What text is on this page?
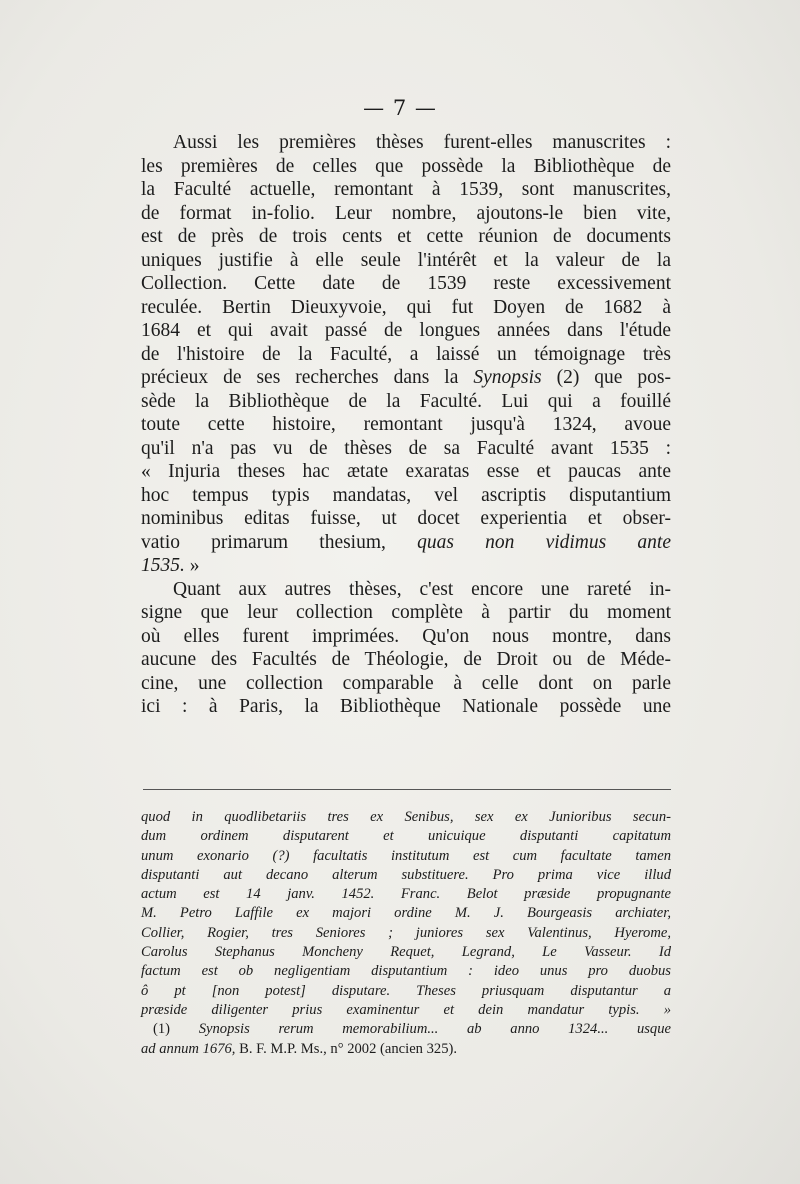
— 7 —
Aussi les premières thèses furent-elles manuscrites :
les premières de celles que possède la Bibliothèque de
la Faculté actuelle, remontant à 1539, sont manuscrites,
de format in-folio. Leur nombre, ajoutons-le bien vite,
est de près de trois cents et cette réunion de documents
uniques justifie à elle seule l'intérêt et la valeur de la
Collection. Cette date de 1539 reste excessivement
reculée. Bertin Dieuxyvoie, qui fut Doyen de 1682 à
1684 et qui avait passé de longues années dans l'étude
de l'histoire de la Faculté, a laissé un témoignage très
précieux de ses recherches dans la Synopsis (2) que pos-
sède la Bibliothèque de la Faculté. Lui qui a fouillé
toute cette histoire, remontant jusqu'à 1324, avoue
qu'il n'a pas vu de thèses de sa Faculté avant 1535 :
« Injuria theses hac ætate exaratas esse et paucas ante
hoc tempus typis mandatas, vel ascriptis disputantium
nominibus editas fuisse, ut docet experientia et obser-
vatio primarum thesium, quas non vidimus ante
1535. »
Quant aux autres thèses, c'est encore une rareté in-
signe que leur collection complète à partir du moment
où elles furent imprimées. Qu'on nous montre, dans
aucune des Facultés de Théologie, de Droit ou de Méde-
cine, une collection comparable à celle dont on parle
ici : à Paris, la Bibliothèque Nationale possède une
quod in quodlibetariis tres ex Senibus, sex ex Junioribus secun-
dum ordinem disputarent et unicuique disputanti capitatum
unum exonario (?) facultatis institutum est cum facultate tamen
disputanti aut decano alterum substituere. Pro prima vice illud
actum est 14 janv. 1452. Franc. Belot præside propugnante
M. Petro Laffile ex majori ordine M. J. Bourgeasis archiater,
Collier, Rogier, tres Seniores ; juniores sex Valentinus, Hyerome,
Carolus Stephanus Moncheny Requet, Legrand, Le Vasseur. Id
factum est ob negligentiam disputantium : ideo unus pro duobus
ô pt [non potest] disputare. Theses priusquam disputantur a
præside diligenter prius examinentur et dein mandatur typis. »
(1) Synopsis rerum memorabilium... ab anno 1324... usque
ad annum 1676, B. F. M.P. Ms., n° 2002 (ancien 325).
